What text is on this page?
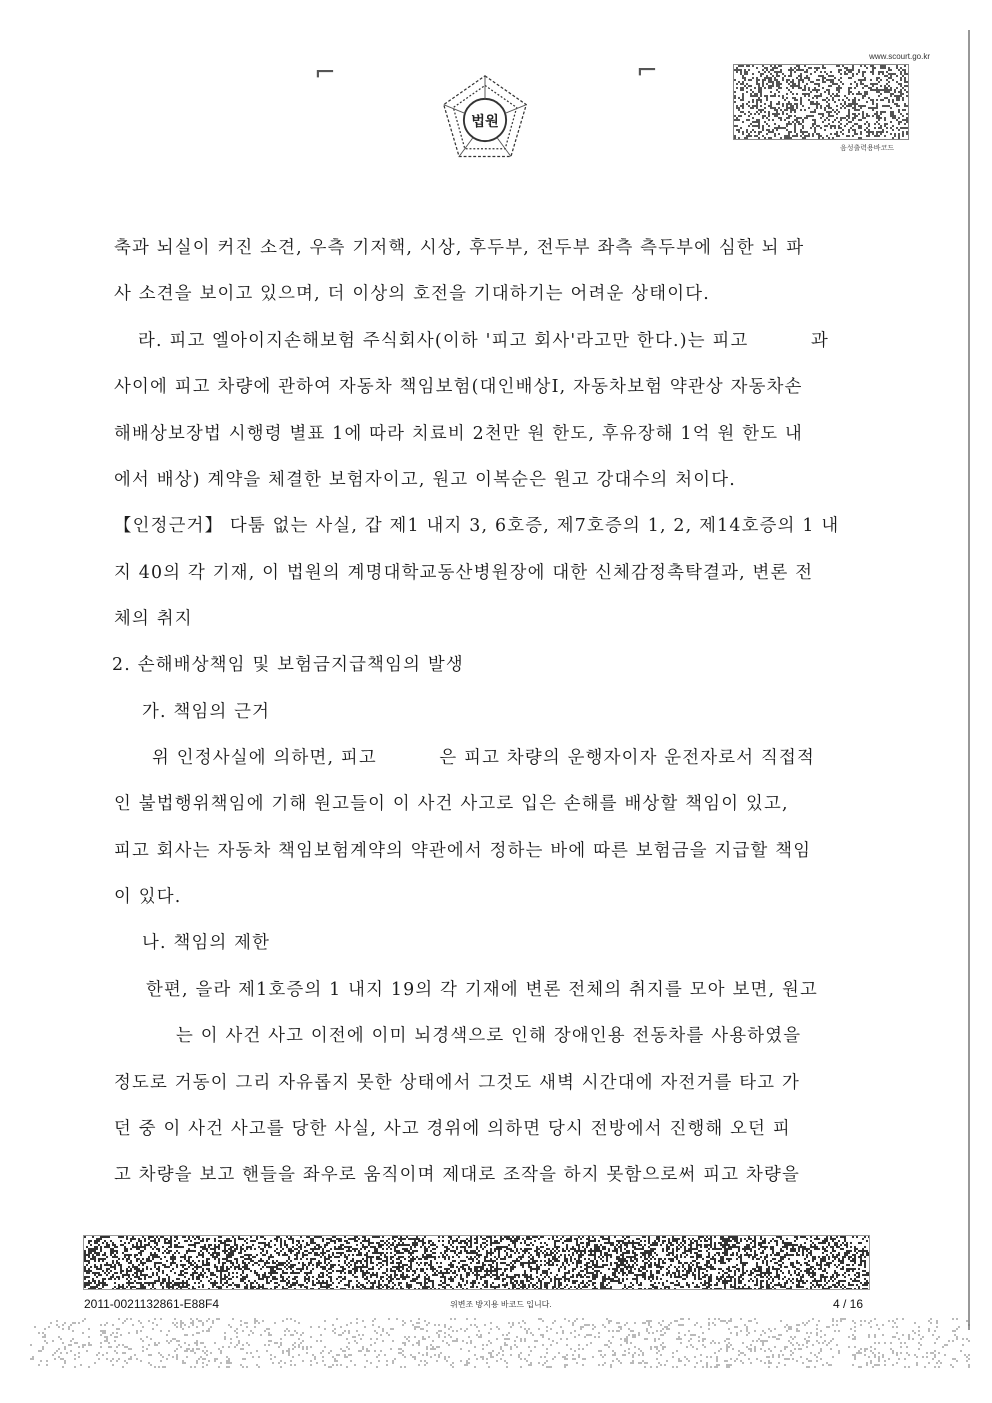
⌐	⌐
법원
www.scourt.go.kr
음성출력용바코드
축과 뇌실이 커진 소견, 우측 기저핵, 시상, 후두부, 전두부 좌측 측두부에 심한 뇌 파
사 소견을 보이고 있으며, 더 이상의 호전을 기대하기는 어려운 상태이다.
라. 피고 엘아이지손해보험 주식회사(이하 '피고 회사'라고만 한다.)는 피고 　　　과
사이에 피고 차량에 관하여 자동차 책임보험(대인배상Ⅰ, 자동차보험 약관상 자동차손
해배상보장법 시행령 별표 1에 따라 치료비 2천만 원 한도, 후유장해 1억 원 한도 내
에서 배상) 계약을 체결한 보험자이고, 원고 이복순은 원고 강대수의 처이다.
【인정근거】 다툼 없는 사실, 갑 제1 내지 3, 6호증, 제7호증의 1, 2, 제14호증의 1 내
지 40의 각 기재, 이 법원의 계명대학교동산병원장에 대한 신체감정촉탁결과, 변론 전
체의 취지
2. 손해배상책임 및 보험금지급책임의 발생
가. 책임의 근거
위 인정사실에 의하면, 피고 　　　은 피고 차량의 운행자이자 운전자로서 직접적
인 불법행위책임에 기해 원고들이 이 사건 사고로 입은 손해를 배상할 책임이 있고,
피고 회사는 자동차 책임보험계약의 약관에서 정하는 바에 따른 보험금을 지급할 책임
이 있다.
나. 책임의 제한
한편, 을라 제1호증의 1 내지 19의 각 기재에 변론 전체의 취지를 모아 보면, 원고
는 이 사건 사고 이전에 이미 뇌경색으로 인해 장애인용 전동차를 사용하였을
정도로 거동이 그리 자유롭지 못한 상태에서 그것도 새벽 시간대에 자전거를 타고 가
던 중 이 사건 사고를 당한 사실, 사고 경위에 의하면 당시 전방에서 진행해 오던 피
고 차량을 보고 핸들을 좌우로 움직이며 제대로 조작을 하지 못함으로써 피고 차량을
2011-0021132861-E88F4	위변조 방지용 바코드 입니다.	4 / 16
